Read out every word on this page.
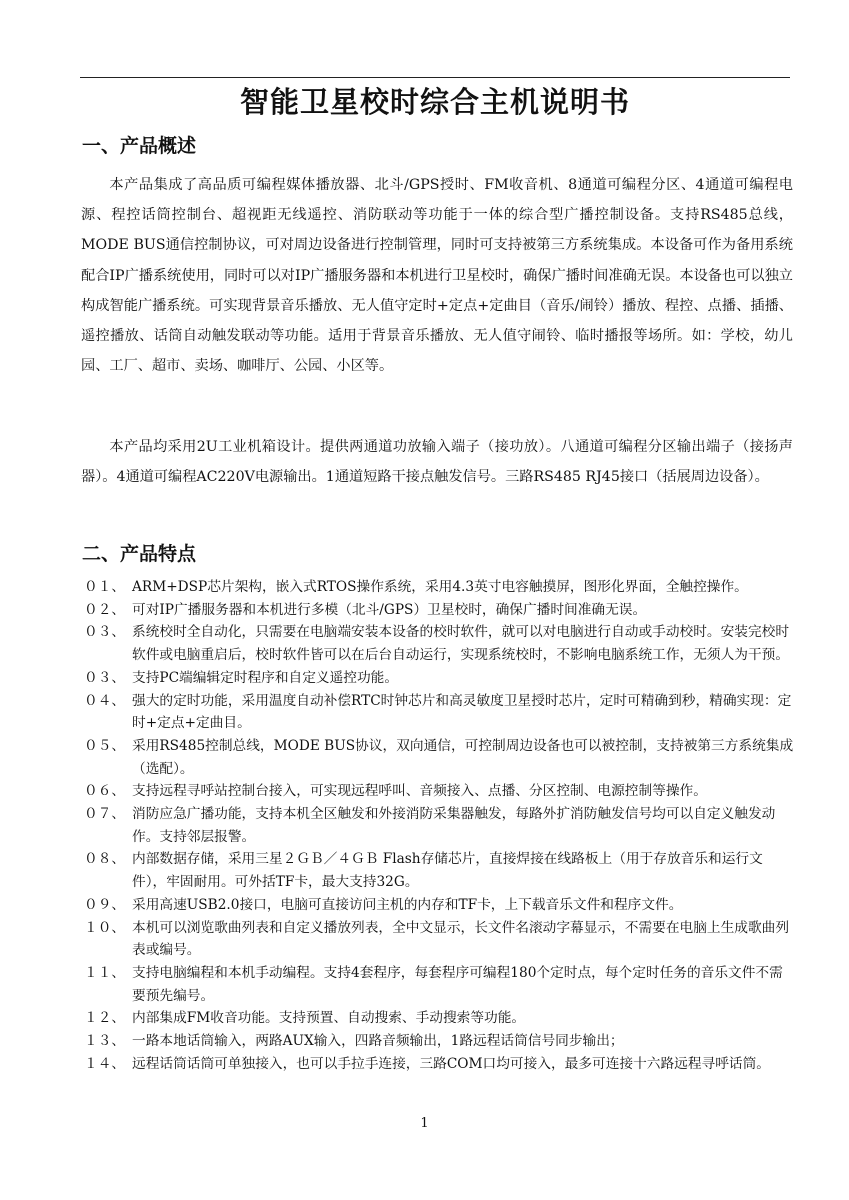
智能卫星校时综合主机说明书
一、产品概述

本产品集成了高品质可编程媒体播放器、北斗/GPS授时、FM收音机、8通道可编程分区、4通道可编程电源、程控话筒控制台、超视距无线遥控、消防联动等功能于一体的综合型广播控制设备。支持RS485总线，MODE BUS通信控制协议，可对周边设备进行控制管理，同时可支持被第三方系统集成。本设备可作为备用系统配合IP广播系统使用，同时可以对IP广播服务器和本机进行卫星校时，确保广播时间准确无误。本设备也可以独立构成智能广播系统。可实现背景音乐播放、无人值守定时+定点+定曲目（音乐/闹铃）播放、程控、点播、插播、遥控播放、话筒自动触发联动等功能。适用于背景音乐播放、无人值守闹铃、临时播报等场所。如：学校，幼儿园、工厂、超市、卖场、咖啡厅、公园、小区等。

本产品均采用2U工业机箱设计。提供两通道功放输入端子（接功放）。八通道可编程分区输出端子（接扬声器）。4通道可编程AC220V电源输出。1通道短路干接点触发信号。三路RS485 RJ45接口（括展周边设备）。

二、产品特点
０１、 ARM+DSP芯片架构，嵌入式RTOS操作系统，采用4.3英寸电容触摸屏，图形化界面，全触控操作。
０２、 可对IP广播服务器和本机进行多模（北斗/GPS）卫星校时，确保广播时间准确无误。
０３、 系统校时全自动化，只需要在电脑端安装本设备的校时软件，就可以对电脑进行自动或手动校时。安装完校时软件或电脑重启后，校时软件皆可以在后台自动运行，实现系统校时，不影响电脑系统工作，无须人为干预。
０３、 支持PC端编辑定时程序和自定义遥控功能。
０４、 强大的定时功能，采用温度自动补偿RTC时钟芯片和高灵敏度卫星授时芯片，定时可精确到秒，精确实现：定时+定点+定曲目。
０５、 采用RS485控制总线，MODE BUS协议，双向通信，可控制周边设备也可以被控制，支持被第三方系统集成（选配）。
０６、 支持远程寻呼站控制台接入，可实现远程呼叫、音频接入、点播、分区控制、电源控制等操作。
０７、 消防应急广播功能，支持本机全区触发和外接消防采集器触发，每路外扩消防触发信号均可以自定义触发动作。支持邻层报警。
０８、 内部数据存储，采用三星２ＧＢ／４ＧＢ Flash存储芯片，直接焊接在线路板上（用于存放音乐和运行文件），牢固耐用。可外括TF卡，最大支持32G。
０９、 采用高速USB2.0接口，电脑可直接访问主机的内存和TF卡，上下载音乐文件和程序文件。
１０、 本机可以浏览歌曲列表和自定义播放列表，全中文显示，长文件名滚动字幕显示，不需要在电脑上生成歌曲列表或编号。
１１、 支持电脑编程和本机手动编程。支持4套程序，每套程序可编程180个定时点，每个定时任务的音乐文件不需要预先编号。
１２、 内部集成FM收音功能。支持预置、自动搜索、手动搜索等功能。
１３、 一路本地话筒输入，两路AUX输入，四路音频输出，1路远程话筒信号同步输出；
１４、 远程话筒话筒可单独接入，也可以手拉手连接，三路COM口均可接入，最多可连接十六路远程寻呼话筒。
1
